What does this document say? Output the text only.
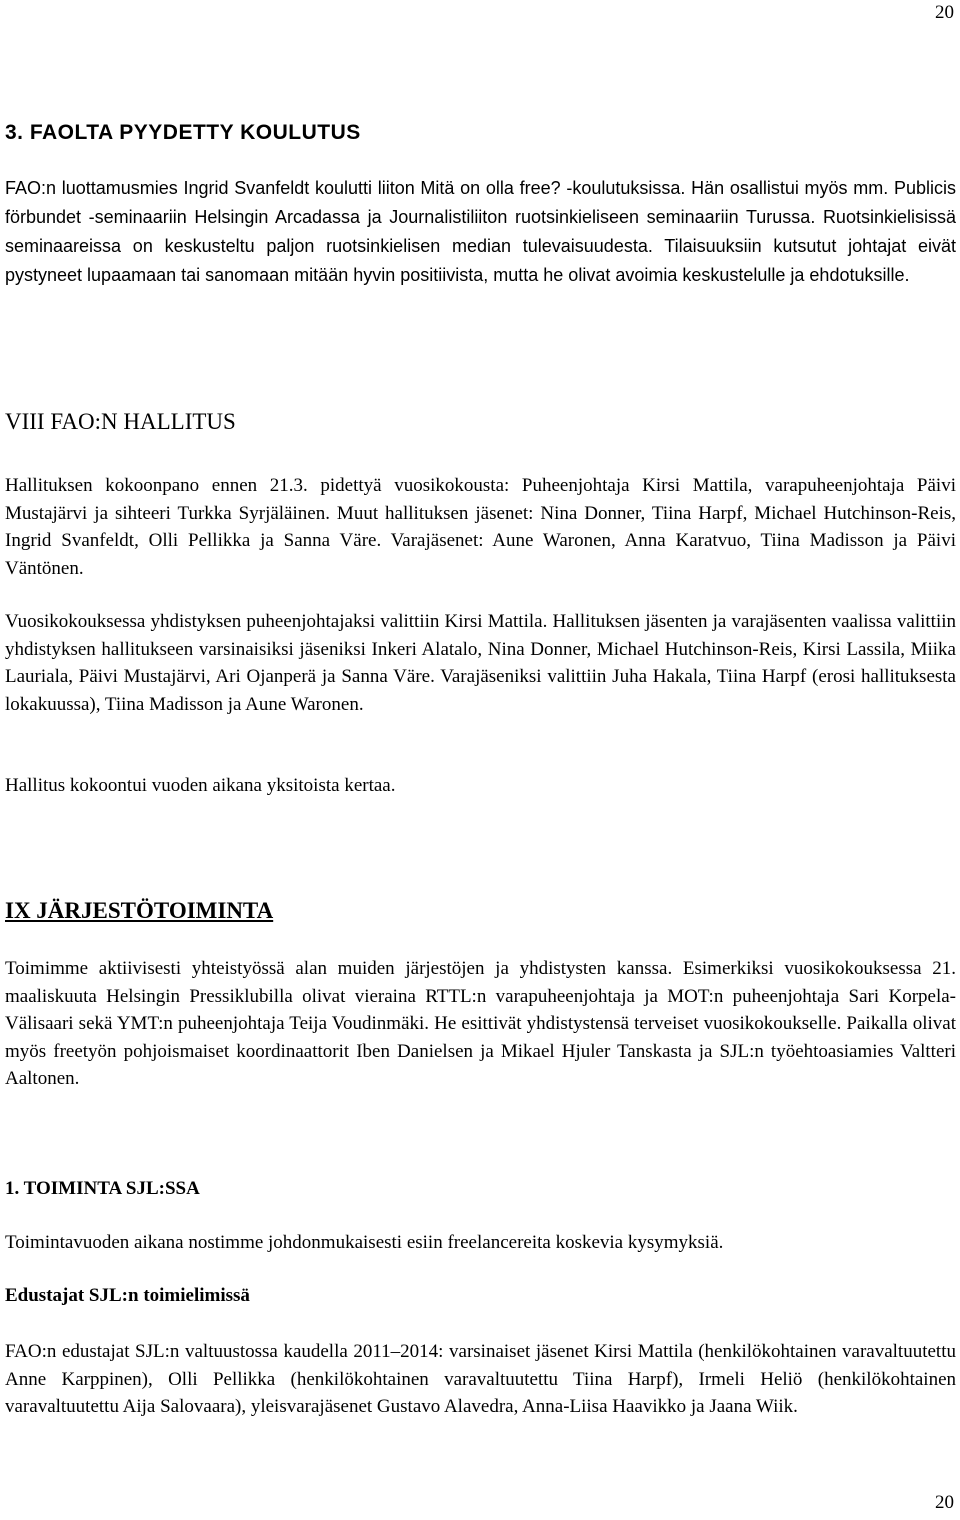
20
3. FAOLTA PYYDETTY KOULUTUS

FAO:n luottamusmies Ingrid Svanfeldt koulutti liiton Mitä on olla free? -koulutuksissa. Hän osallistui myös mm. Publicis förbundet -seminaariin Helsingin Arcadassa ja Journalistiliiton ruotsinkieliseen seminaariin Turussa. Ruotsinkielisissä seminaareissa on keskusteltu paljon ruotsinkielisen median tulevaisuudesta. Tilaisuuksiin kutsutut johtajat eivät pystyneet lupaamaan tai sanomaan mitään hyvin positiivista, mutta he olivat avoimia keskustelulle ja ehdotuksille.

VIII FAO:N HALLITUS

Hallituksen kokoonpano ennen 21.3. pidettyä vuosikokousta: Puheenjohtaja Kirsi Mattila, varapuheenjohtaja Päivi Mustajärvi ja sihteeri Turkka Syrjäläinen. Muut hallituksen jäsenet: Nina Donner, Tiina Harpf, Michael Hutchinson-Reis, Ingrid Svanfeldt, Olli Pellikka ja Sanna Väre. Varajäsenet: Aune Waronen, Anna Karatvuo, Tiina Madisson ja Päivi Väntönen.

Vuosikokouksessa yhdistyksen puheenjohtajaksi valittiin Kirsi Mattila. Hallituksen jäsenten ja varajäsenten vaalissa valittiin yhdistyksen hallitukseen varsinaisiksi jäseniksi Inkeri Alatalo, Nina Donner, Michael Hutchinson-Reis, Kirsi Lassila, Miika Lauriala, Päivi Mustajärvi, Ari Ojanperä ja Sanna Väre. Varajäseniksi valittiin Juha Hakala, Tiina Harpf (erosi hallituksesta lokakuussa), Tiina Madisson ja Aune Waronen.

Hallitus kokoontui vuoden aikana yksitoista kertaa.

IX JÄRJESTÖTOIMINTA

Toimimme aktiivisesti yhteistyössä alan muiden järjestöjen ja yhdistysten kanssa. Esimerkiksi vuosikokouksessa 21. maaliskuuta Helsingin Pressiklubilla olivat vieraina RTTL:n varapuheenjohtaja ja MOT:n puheenjohtaja Sari Korpela-Välisaari sekä YMT:n puheenjohtaja Teija Voudinmäki. He esittivät yhdistystensä terveiset vuosikokoukselle. Paikalla olivat myös freetyön pohjoismaiset koordinaattorit Iben Danielsen ja Mikael Hjuler Tanskasta ja SJL:n työehtoasiamies Valtteri Aaltonen.

1. TOIMINTA SJL:SSA

Toimintavuoden aikana nostimme johdonmukaisesti esiin freelancereita koskevia kysymyksiä.

Edustajat SJL:n toimielimissä

FAO:n edustajat SJL:n valtuustossa kaudella 2011–2014: varsinaiset jäsenet Kirsi Mattila (henkilökohtainen varavaltuutettu Anne Karppinen), Olli Pellikka (henkilökohtainen varavaltuutettu Tiina Harpf), Irmeli Heliö (henkilökohtainen varavaltuutettu Aija Salovaara), yleisvarajäsenet Gustavo Alavedra, Anna-Liisa Haavikko ja Jaana Wiik.

20
